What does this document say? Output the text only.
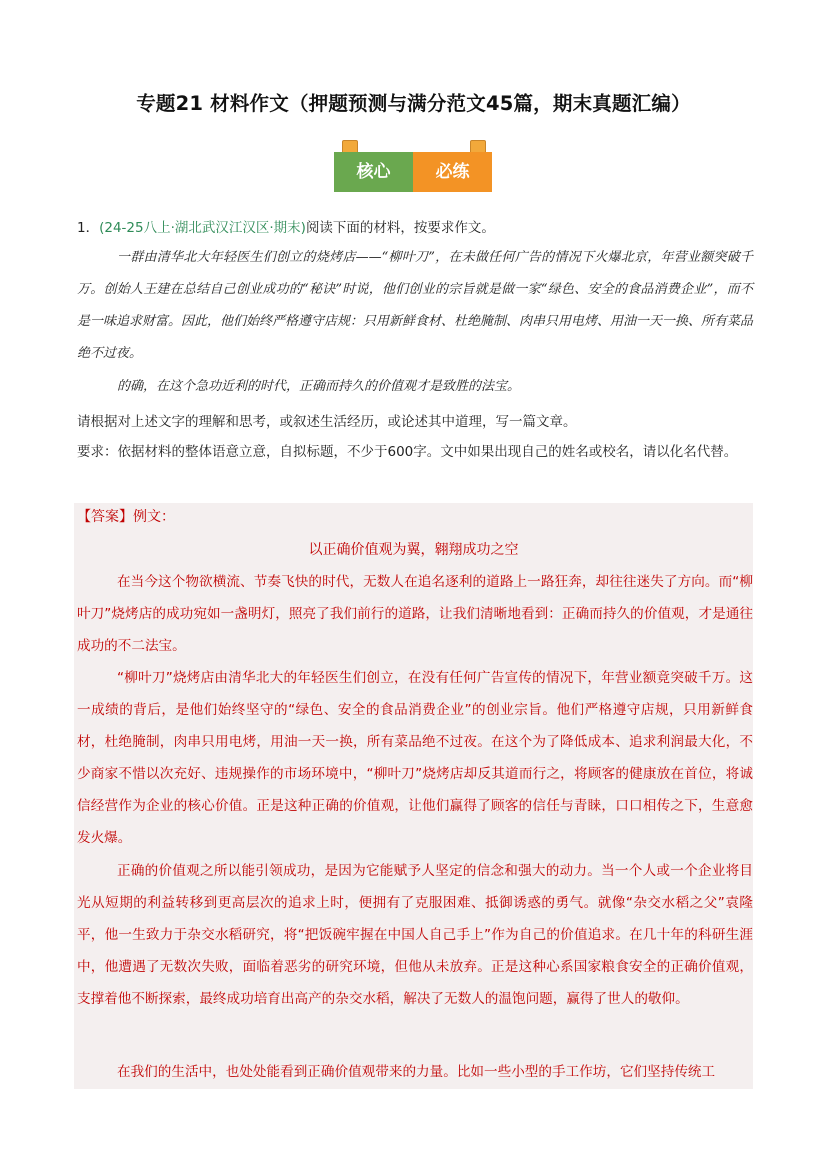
专题21 材料作文（押题预测与满分范文45篇，期末真题汇编）
核心	必练
1．(24-25八上·湖北武汉江汉区·期末)阅读下面的材料，按要求作文。
一群由清华北大年轻医生们创立的烧烤店——“柳叶刀”，在未做任何广告的情况下火爆北京，年营业额突破千万。创始人王建在总结自己创业成功的“秘诀”时说，他们创业的宗旨就是做一家“绿色、安全的食品消费企业”，而不是一味追求财富。因此，他们始终严格遵守店规：只用新鲜食材、杜绝腌制、肉串只用电烤、用油一天一换、所有菜品绝不过夜。
的确，在这个急功近利的时代，正确而持久的价值观才是致胜的法宝。
请根据对上述文字的理解和思考，或叙述生活经历，或论述其中道理，写一篇文章。
要求：依据材料的整体语意立意，自拟标题，不少于600字。文中如果出现自己的姓名或校名，请以化名代替。
【答案】例文：
以正确价值观为翼，翱翔成功之空
在当今这个物欲横流、节奏飞快的时代，无数人在追名逐利的道路上一路狂奔，却往往迷失了方向。而“柳叶刀”烧烤店的成功宛如一盏明灯，照亮了我们前行的道路，让我们清晰地看到：正确而持久的价值观，才是通往成功的不二法宝。
“柳叶刀”烧烤店由清华北大的年轻医生们创立，在没有任何广告宣传的情况下，年营业额竟突破千万。这一成绩的背后，是他们始终坚守的“绿色、安全的食品消费企业”的创业宗旨。他们严格遵守店规，只用新鲜食材，杜绝腌制，肉串只用电烤，用油一天一换，所有菜品绝不过夜。在这个为了降低成本、追求利润最大化，不少商家不惜以次充好、违规操作的市场环境中，“柳叶刀”烧烤店却反其道而行之，将顾客的健康放在首位，将诚信经营作为企业的核心价值。正是这种正确的价值观，让他们赢得了顾客的信任与青睐，口口相传之下，生意愈发火爆。
正确的价值观之所以能引领成功，是因为它能赋予人坚定的信念和强大的动力。当一个人或一个企业将目光从短期的利益转移到更高层次的追求上时，便拥有了克服困难、抵御诱惑的勇气。就像“杂交水稻之父”袁隆平，他一生致力于杂交水稻研究，将“把饭碗牢握在中国人自己手上”作为自己的价值追求。在几十年的科研生涯中，他遭遇了无数次失败，面临着恶劣的研究环境，但他从未放弃。正是这种心系国家粮食安全的正确价值观，支撑着他不断探索，最终成功培育出高产的杂交水稻，解决了无数人的温饱问题，赢得了世人的敬仰。
在我们的生活中，也处处能看到正确价值观带来的力量。比如一些小型的手工作坊，它们坚持传统工
